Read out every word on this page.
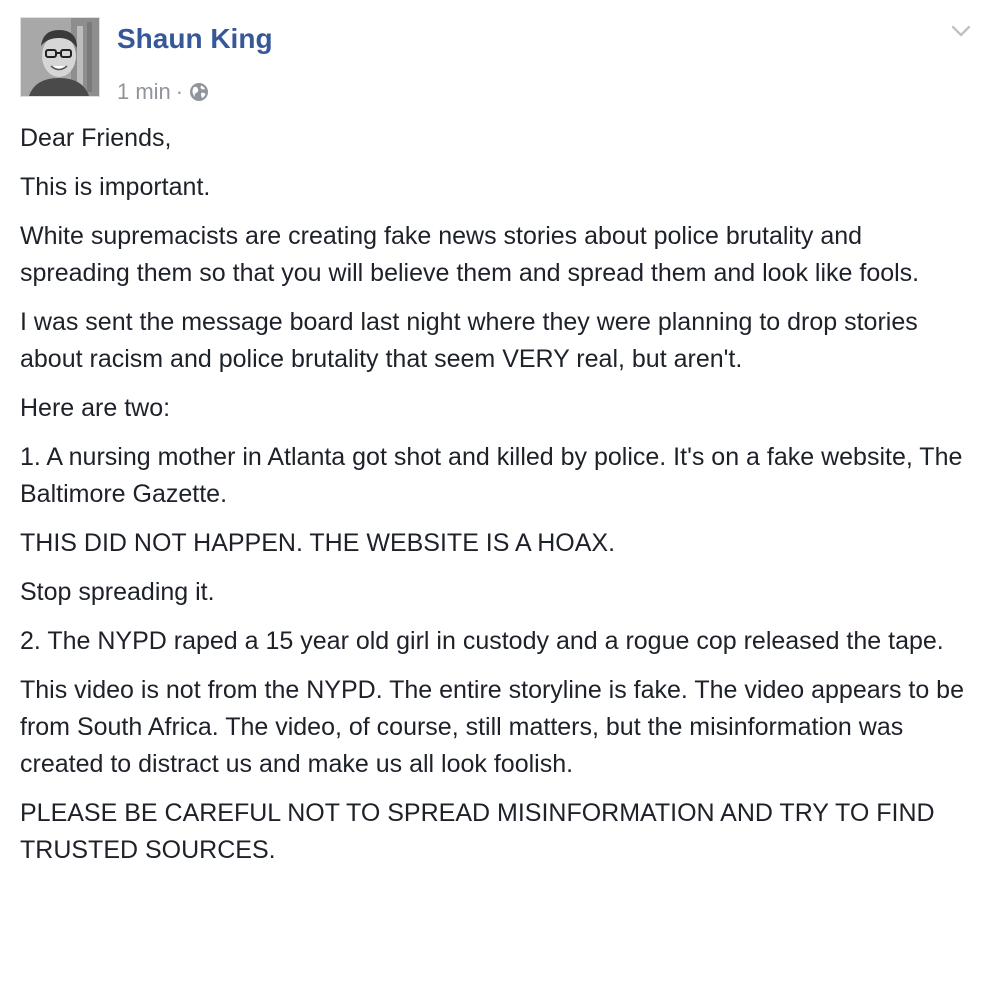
Shaun King
1 min ·

Dear Friends,

This is important.

White supremacists are creating fake news stories about police brutality and spreading them so that you will believe them and spread them and look like fools.

I was sent the message board last night where they were planning to drop stories about racism and police brutality that seem VERY real, but aren't.

Here are two:

1. A nursing mother in Atlanta got shot and killed by police. It's on a fake website, The Baltimore Gazette.

THIS DID NOT HAPPEN. THE WEBSITE IS A HOAX.

Stop spreading it.

2. The NYPD raped a 15 year old girl in custody and a rogue cop released the tape.

This video is not from the NYPD. The entire storyline is fake. The video appears to be from South Africa. The video, of course, still matters, but the misinformation was created to distract us and make us all look foolish.

PLEASE BE CAREFUL NOT TO SPREAD MISINFORMATION AND TRY TO FIND TRUSTED SOURCES.
